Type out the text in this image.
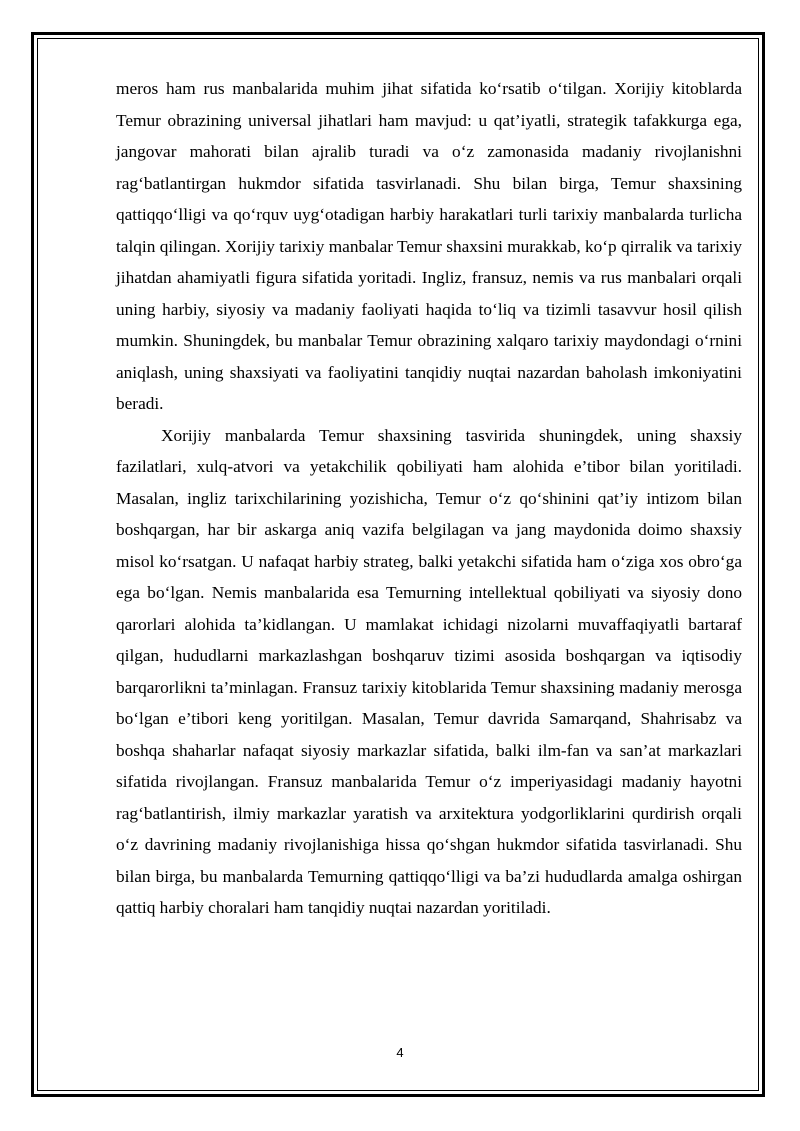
meros ham rus manbalarida muhim jihat sifatida ko‘rsatib o‘tilgan. Xorijiy kitoblarda Temur obrazining universal jihatlari ham mavjud: u qat’iyatli, strategik tafakkurga ega, jangovar mahorati bilan ajralib turadi va o‘z zamonasida madaniy rivojlanishni rag‘batlantirgan hukmdor sifatida tasvirlanadi. Shu bilan birga, Temur shaxsining qattiqqo‘lligi va qo‘rquv uyg‘otadigan harbiy harakatlari turli tarixiy manbalarda turlicha talqin qilingan. Xorijiy tarixiy manbalar Temur shaxsini murakkab, ko‘p qirralik va tarixiy jihatdan ahamiyatli figura sifatida yoritadi. Ingliz, fransuz, nemis va rus manbalari orqali uning harbiy, siyosiy va madaniy faoliyati haqida to‘liq va tizimli tasavvur hosil qilish mumkin. Shuningdek, bu manbalar Temur obrazining xalqaro tarixiy maydondagi o‘rnini aniqlash, uning shaxsiyati va faoliyatini tanqidiy nuqtai nazardan baholash imkoniyatini beradi.

Xorijiy manbalarda Temur shaxsining tasvirida shuningdek, uning shaxsiy fazilatlari, xulq-atvori va yetakchilik qobiliyati ham alohida e’tibor bilan yoritiladi. Masalan, ingliz tarixchilarining yozishicha, Temur o‘z qo‘shinini qat’iy intizom bilan boshqargan, har bir askarga aniq vazifa belgilagan va jang maydonida doimo shaxsiy misol ko‘rsatgan. U nafaqat harbiy strateg, balki yetakchi sifatida ham o‘ziga xos obro‘ga ega bo‘lgan. Nemis manbalarida esa Temurning intellektual qobiliyati va siyosiy dono qarorlari alohida ta’kidlangan. U mamlakat ichidagi nizolarni muvaffaqiyatli bartaraf qilgan, hududlarni markazlashgan boshqaruv tizimi asosida boshqargan va iqtisodiy barqarorlikni ta’minlagan. Fransuz tarixiy kitoblarida Temur shaxsining madaniy merosga bo‘lgan e’tibori keng yoritilgan. Masalan, Temur davrida Samarqand, Shahrisabz va boshqa shaharlar nafaqat siyosiy markazlar sifatida, balki ilm-fan va san’at markazlari sifatida rivojlangan. Fransuz manbalarida Temur o‘z imperiyasidagi madaniy hayotni rag‘batlantirish, ilmiy markazlar yaratish va arxitektura yodgorliklarini qurdirish orqali o‘z davrining madaniy rivojlanishiga hissa qo‘shgan hukmdor sifatida tasvirlanadi. Shu bilan birga, bu manbalarda Temurning qattiqqo‘lligi va ba’zi hududlarda amalga oshirgan qattiq harbiy choralari ham tanqidiy nuqtai nazardan yoritiladi.

4
